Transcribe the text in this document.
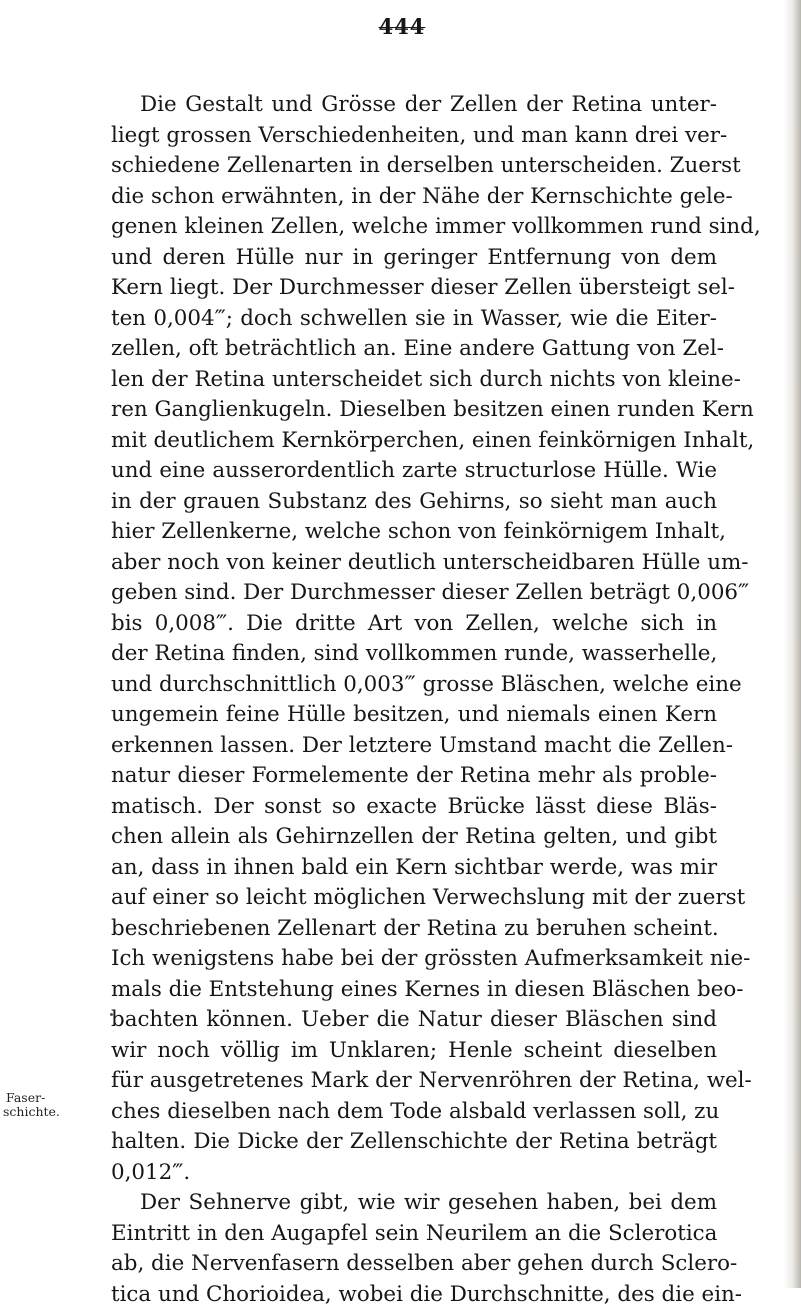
444
Faser-
schichte.
Die Gestalt und Grösse der Zellen der Retina unter-
liegt grossen Verschiedenheiten, und man kann drei ver-
schiedene Zellenarten in derselben unterscheiden. Zuerst
die schon erwähnten, in der Nähe der Kernschichte gele-
genen kleinen Zellen, welche immer vollkommen rund sind,
und deren Hülle nur in geringer Entfernung von dem
Kern liegt. Der Durchmesser dieser Zellen übersteigt sel-
ten 0,004‴; doch schwellen sie in Wasser, wie die Eiter-
zellen, oft beträchtlich an. Eine andere Gattung von Zel-
len der Retina unterscheidet sich durch nichts von kleine-
ren Ganglienkugeln. Dieselben besitzen einen runden Kern
mit deutlichem Kernkörperchen, einen feinkörnigen Inhalt,
und eine ausserordentlich zarte structurlose Hülle. Wie
in der grauen Substanz des Gehirns, so sieht man auch
hier Zellenkerne, welche schon von feinkörnigem Inhalt,
aber noch von keiner deutlich unterscheidbaren Hülle um-
geben sind. Der Durchmesser dieser Zellen beträgt 0,006‴
bis 0,008‴. Die dritte Art von Zellen, welche sich in
der Retina finden, sind vollkommen runde, wasserhelle,
und durchschnittlich 0,003‴ grosse Bläschen, welche eine
ungemein feine Hülle besitzen, und niemals einen Kern
erkennen lassen. Der letztere Umstand macht die Zellen-
natur dieser Formelemente der Retina mehr als proble-
matisch. Der sonst so exacte Brücke lässt diese Bläs-
chen allein als Gehirnzellen der Retina gelten, und gibt
an, dass in ihnen bald ein Kern sichtbar werde, was mir
auf einer so leicht möglichen Verwechslung mit der zuerst
beschriebenen Zellenart der Retina zu beruhen scheint.
Ich wenigstens habe bei der grössten Aufmerksamkeit nie-
mals die Entstehung eines Kernes in diesen Bläschen beo-
bachten können. Ueber die Natur dieser Bläschen sind
wir noch völlig im Unklaren; Henle scheint dieselben
für ausgetretenes Mark der Nervenröhren der Retina, wel-
ches dieselben nach dem Tode alsbald verlassen soll, zu
halten. Die Dicke der Zellenschichte der Retina beträgt
0,012‴.
Der Sehnerve gibt, wie wir gesehen haben, bei dem
Eintritt in den Augapfel sein Neurilem an die Sclerotica
ab, die Nervenfasern desselben aber gehen durch Sclero-
tica und Chorioidea, wobei die Durchschnitte, des die ein-
